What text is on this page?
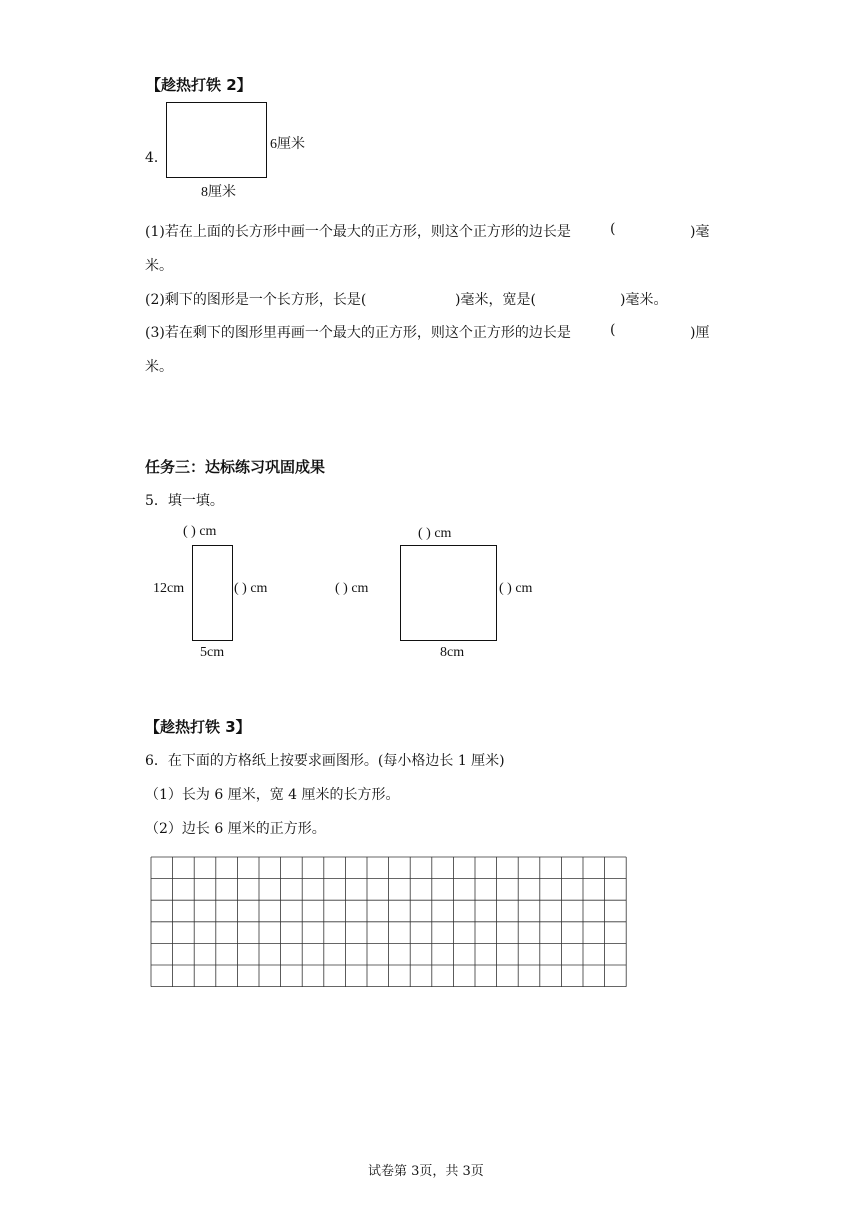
【趁热打铁 2】
4．
6厘米
8厘米
(1)若在上面的长方形中画一个最大的正方形，则这个正方形的边长是	(	)毫
米。
(2)剩下的图形是一个长方形，长是(	)毫米，宽是(	)毫米。
(3)若在剩下的图形里再画一个最大的正方形，则这个正方形的边长是	(	)厘
米。
任务三：达标练习巩固成果
5．填一填。
( ) cm
12cm	( ) cm
5cm
( ) cm
( ) cm	( ) cm
8cm
【趁热打铁 3】
6．在下面的方格纸上按要求画图形。(每小格边长 1 厘米)
（1）长为 6 厘米，宽 4 厘米的长方形。
（2）边长 6 厘米的正方形。
试卷第 3页，共 3页
